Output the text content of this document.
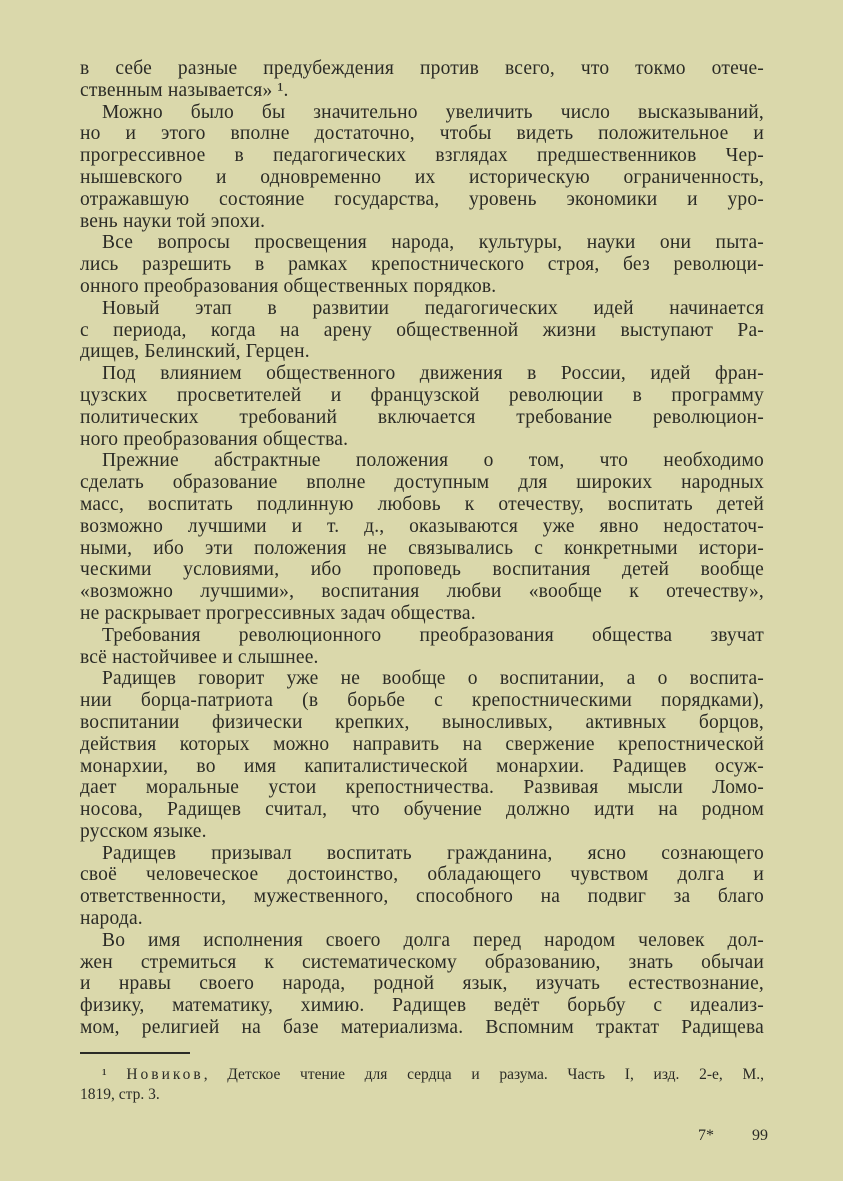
в себе разные предубеждения против всего, что токмо отече-
ственным называется» ¹.
Можно было бы значительно увеличить число высказываний,
но и этого вполне достаточно, чтобы видеть положительное и
прогрессивное в педагогических взглядах предшественников Чер-
нышевского и одновременно их историческую ограниченность,
отражавшую состояние государства, уровень экономики и уро-
вень науки той эпохи.
Все вопросы просвещения народа, культуры, науки они пыта-
лись разрешить в рамках крепостнического строя, без революци-
онного преобразования общественных порядков.
Новый этап в развитии педагогических идей начинается
с периода, когда на арену общественной жизни выступают Ра-
дищев, Белинский, Герцен.
Под влиянием общественного движения в России, идей фран-
цузских просветителей и французской революции в программу
политических требований включается требование революцион-
ного преобразования общества.
Прежние абстрактные положения о том, что необходимо
сделать образование вполне доступным для широких народных
масс, воспитать подлинную любовь к отечеству, воспитать детей
возможно лучшими и т. д., оказываются уже явно недостаточ-
ными, ибо эти положения не связывались с конкретными истори-
ческими условиями, ибо проповедь воспитания детей вообще
«возможно лучшими», воспитания любви «вообще к отечеству»,
не раскрывает прогрессивных задач общества.
Требования революционного преобразования общества звучат
всё настойчивее и слышнее.
Радищев говорит уже не вообще о воспитании, а о воспита-
нии борца-патриота (в борьбе с крепостническими порядками),
воспитании физически крепких, выносливых, активных борцов,
действия которых можно направить на свержение крепостнической
монархии, во имя капиталистической монархии. Радищев осуж-
дает моральные устои крепостничества. Развивая мысли Ломо-
носова, Радищев считал, что обучение должно идти на родном
русском языке.
Радищев призывал воспитать гражданина, ясно сознающего
своё человеческое достоинство, обладающего чувством долга и
ответственности, мужественного, способного на подвиг за благо
народа.
Во имя исполнения своего долга перед народом человек дол-
жен стремиться к систематическому образованию, знать обычаи
и нравы своего народа, родной язык, изучать естествознание,
физику, математику, химию. Радищев ведёт борьбу с идеализ-
мом, религией на базе материализма. Вспомним трактат Радищева
¹ Новиков, Детское чтение для сердца и разума. Часть I, изд. 2-е, М.,
1819, стр. 3.
7* 99
